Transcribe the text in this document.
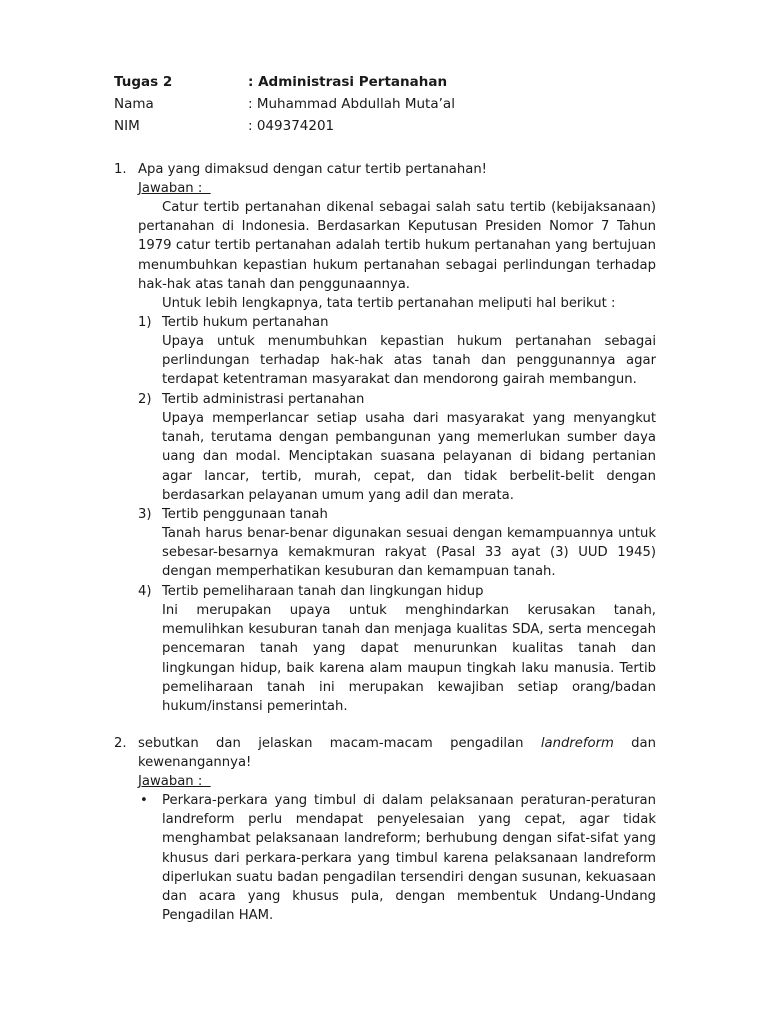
Tugas 2	: Administrasi Pertanahan
Nama	: Muhammad Abdullah Muta’al
NIM	: 049374201
1. Apa yang dimaksud dengan catur tertib pertanahan!
Jawaban :
Catur tertib pertanahan dikenal sebagai salah satu tertib (kebijaksanaan) pertanahan di Indonesia. Berdasarkan Keputusan Presiden Nomor 7 Tahun 1979 catur tertib pertanahan adalah tertib hukum pertanahan yang bertujuan menumbuhkan kepastian hukum pertanahan sebagai perlindungan terhadap hak-hak atas tanah dan penggunaannya.
Untuk lebih lengkapnya, tata tertib pertanahan meliputi hal berikut :
1) Tertib hukum pertanahan
Upaya untuk menumbuhkan kepastian hukum pertanahan sebagai perlindungan terhadap hak-hak atas tanah dan penggunannya agar terdapat ketentraman masyarakat dan mendorong gairah membangun.
2) Tertib administrasi pertanahan
Upaya memperlancar setiap usaha dari masyarakat yang menyangkut tanah, terutama dengan pembangunan yang memerlukan sumber daya uang dan modal. Menciptakan suasana pelayanan di bidang pertanian agar lancar, tertib, murah, cepat, dan tidak berbelit-belit dengan berdasarkan pelayanan umum yang adil dan merata.
3) Tertib penggunaan tanah
Tanah harus benar-benar digunakan sesuai dengan kemampuannya untuk sebesar-besarnya kemakmuran rakyat (Pasal 33 ayat (3) UUD 1945) dengan memperhatikan kesuburan dan kemampuan tanah.
4) Tertib pemeliharaan tanah dan lingkungan hidup
Ini merupakan upaya untuk menghindarkan kerusakan tanah, memulihkan kesuburan tanah dan menjaga kualitas SDA, serta mencegah pencemaran tanah yang dapat menurunkan kualitas tanah dan lingkungan hidup, baik karena alam maupun tingkah laku manusia. Tertib pemeliharaan tanah ini merupakan kewajiban setiap orang/badan hukum/instansi pemerintah.
2. sebutkan dan jelaskan macam-macam pengadilan landreform dan kewenangannya!
Jawaban :
• Perkara-perkara yang timbul di dalam pelaksanaan peraturan-peraturan landreform perlu mendapat penyelesaian yang cepat, agar tidak menghambat pelaksanaan landreform; berhubung dengan sifat-sifat yang khusus dari perkara-perkara yang timbul karena pelaksanaan landreform diperlukan suatu badan pengadilan tersendiri dengan susunan, kekuasaan dan acara yang khusus pula, dengan membentuk Undang-Undang Pengadilan HAM.
